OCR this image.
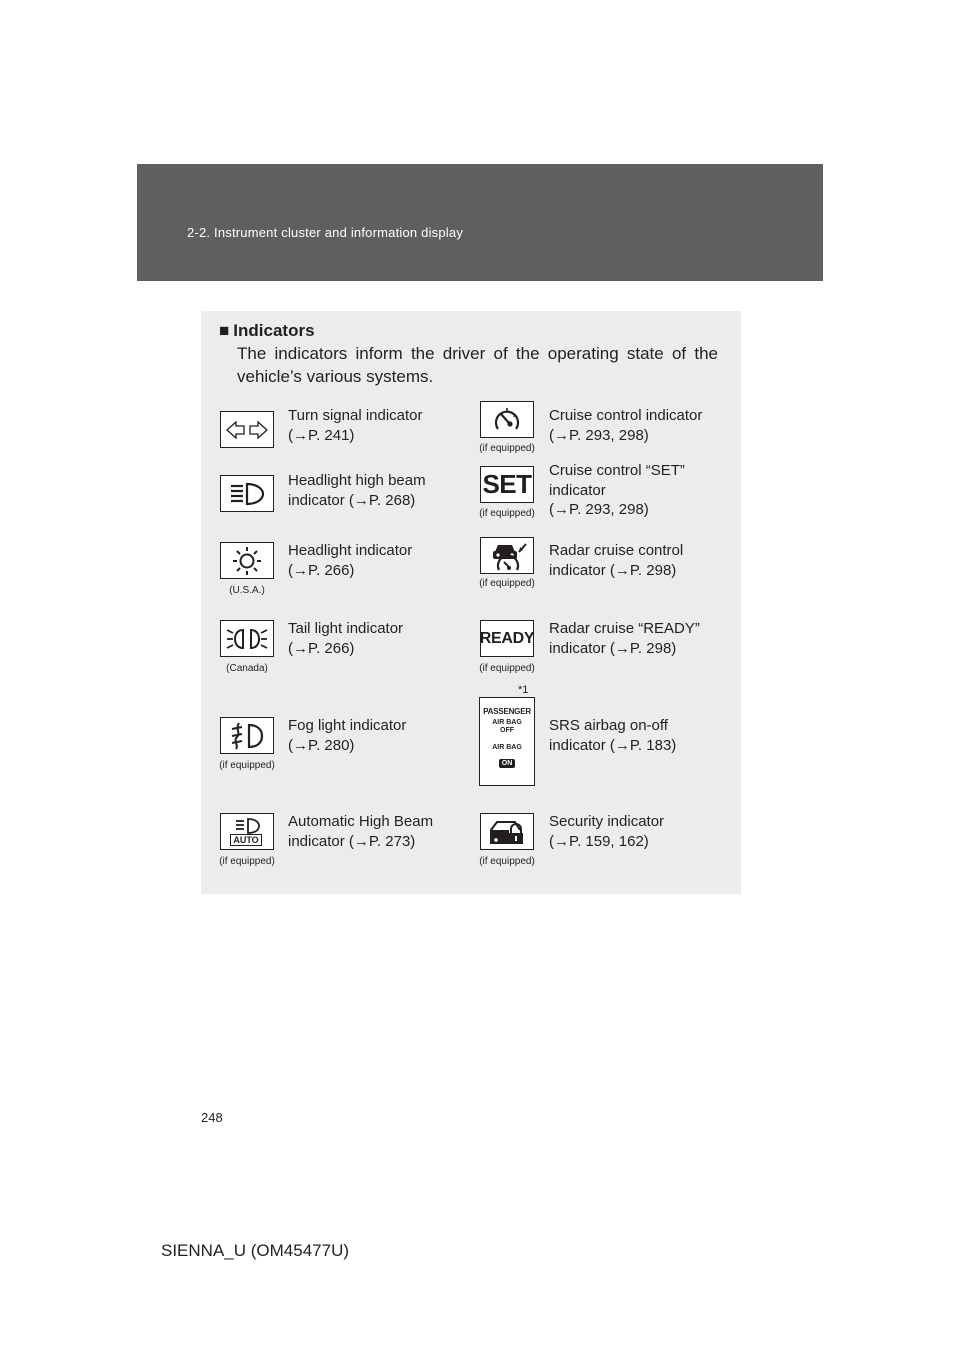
2-2. Instrument cluster and information display
■ Indicators
The indicators inform the driver of the operating state of the vehicle’s various systems.
Turn signal indicator
(→P. 241)
(if equipped)
Cruise control indicator
(→P. 293, 298)
Headlight high beam
indicator (→P. 268)
SET
(if equipped)
Cruise control “SET”
indicator
(→P. 293, 298)
(U.S.A.)
Headlight indicator
(→P. 266)
(if equipped)
Radar cruise control
indicator (→P. 298)
(Canada)
Tail light indicator
(→P. 266)
READY
(if equipped)
Radar cruise “READY”
indicator (→P. 298)
(if equipped)
Fog light indicator
(→P. 280)
*1
PASSENGER
AIR BAG
OFF
AIR BAG
ON
SRS airbag on-off
indicator (→P. 183)
AUTO
(if equipped)
Automatic High Beam
indicator (→P. 273)
(if equipped)
Security indicator
(→P. 159, 162)
248
SIENNA_U (OM45477U)
